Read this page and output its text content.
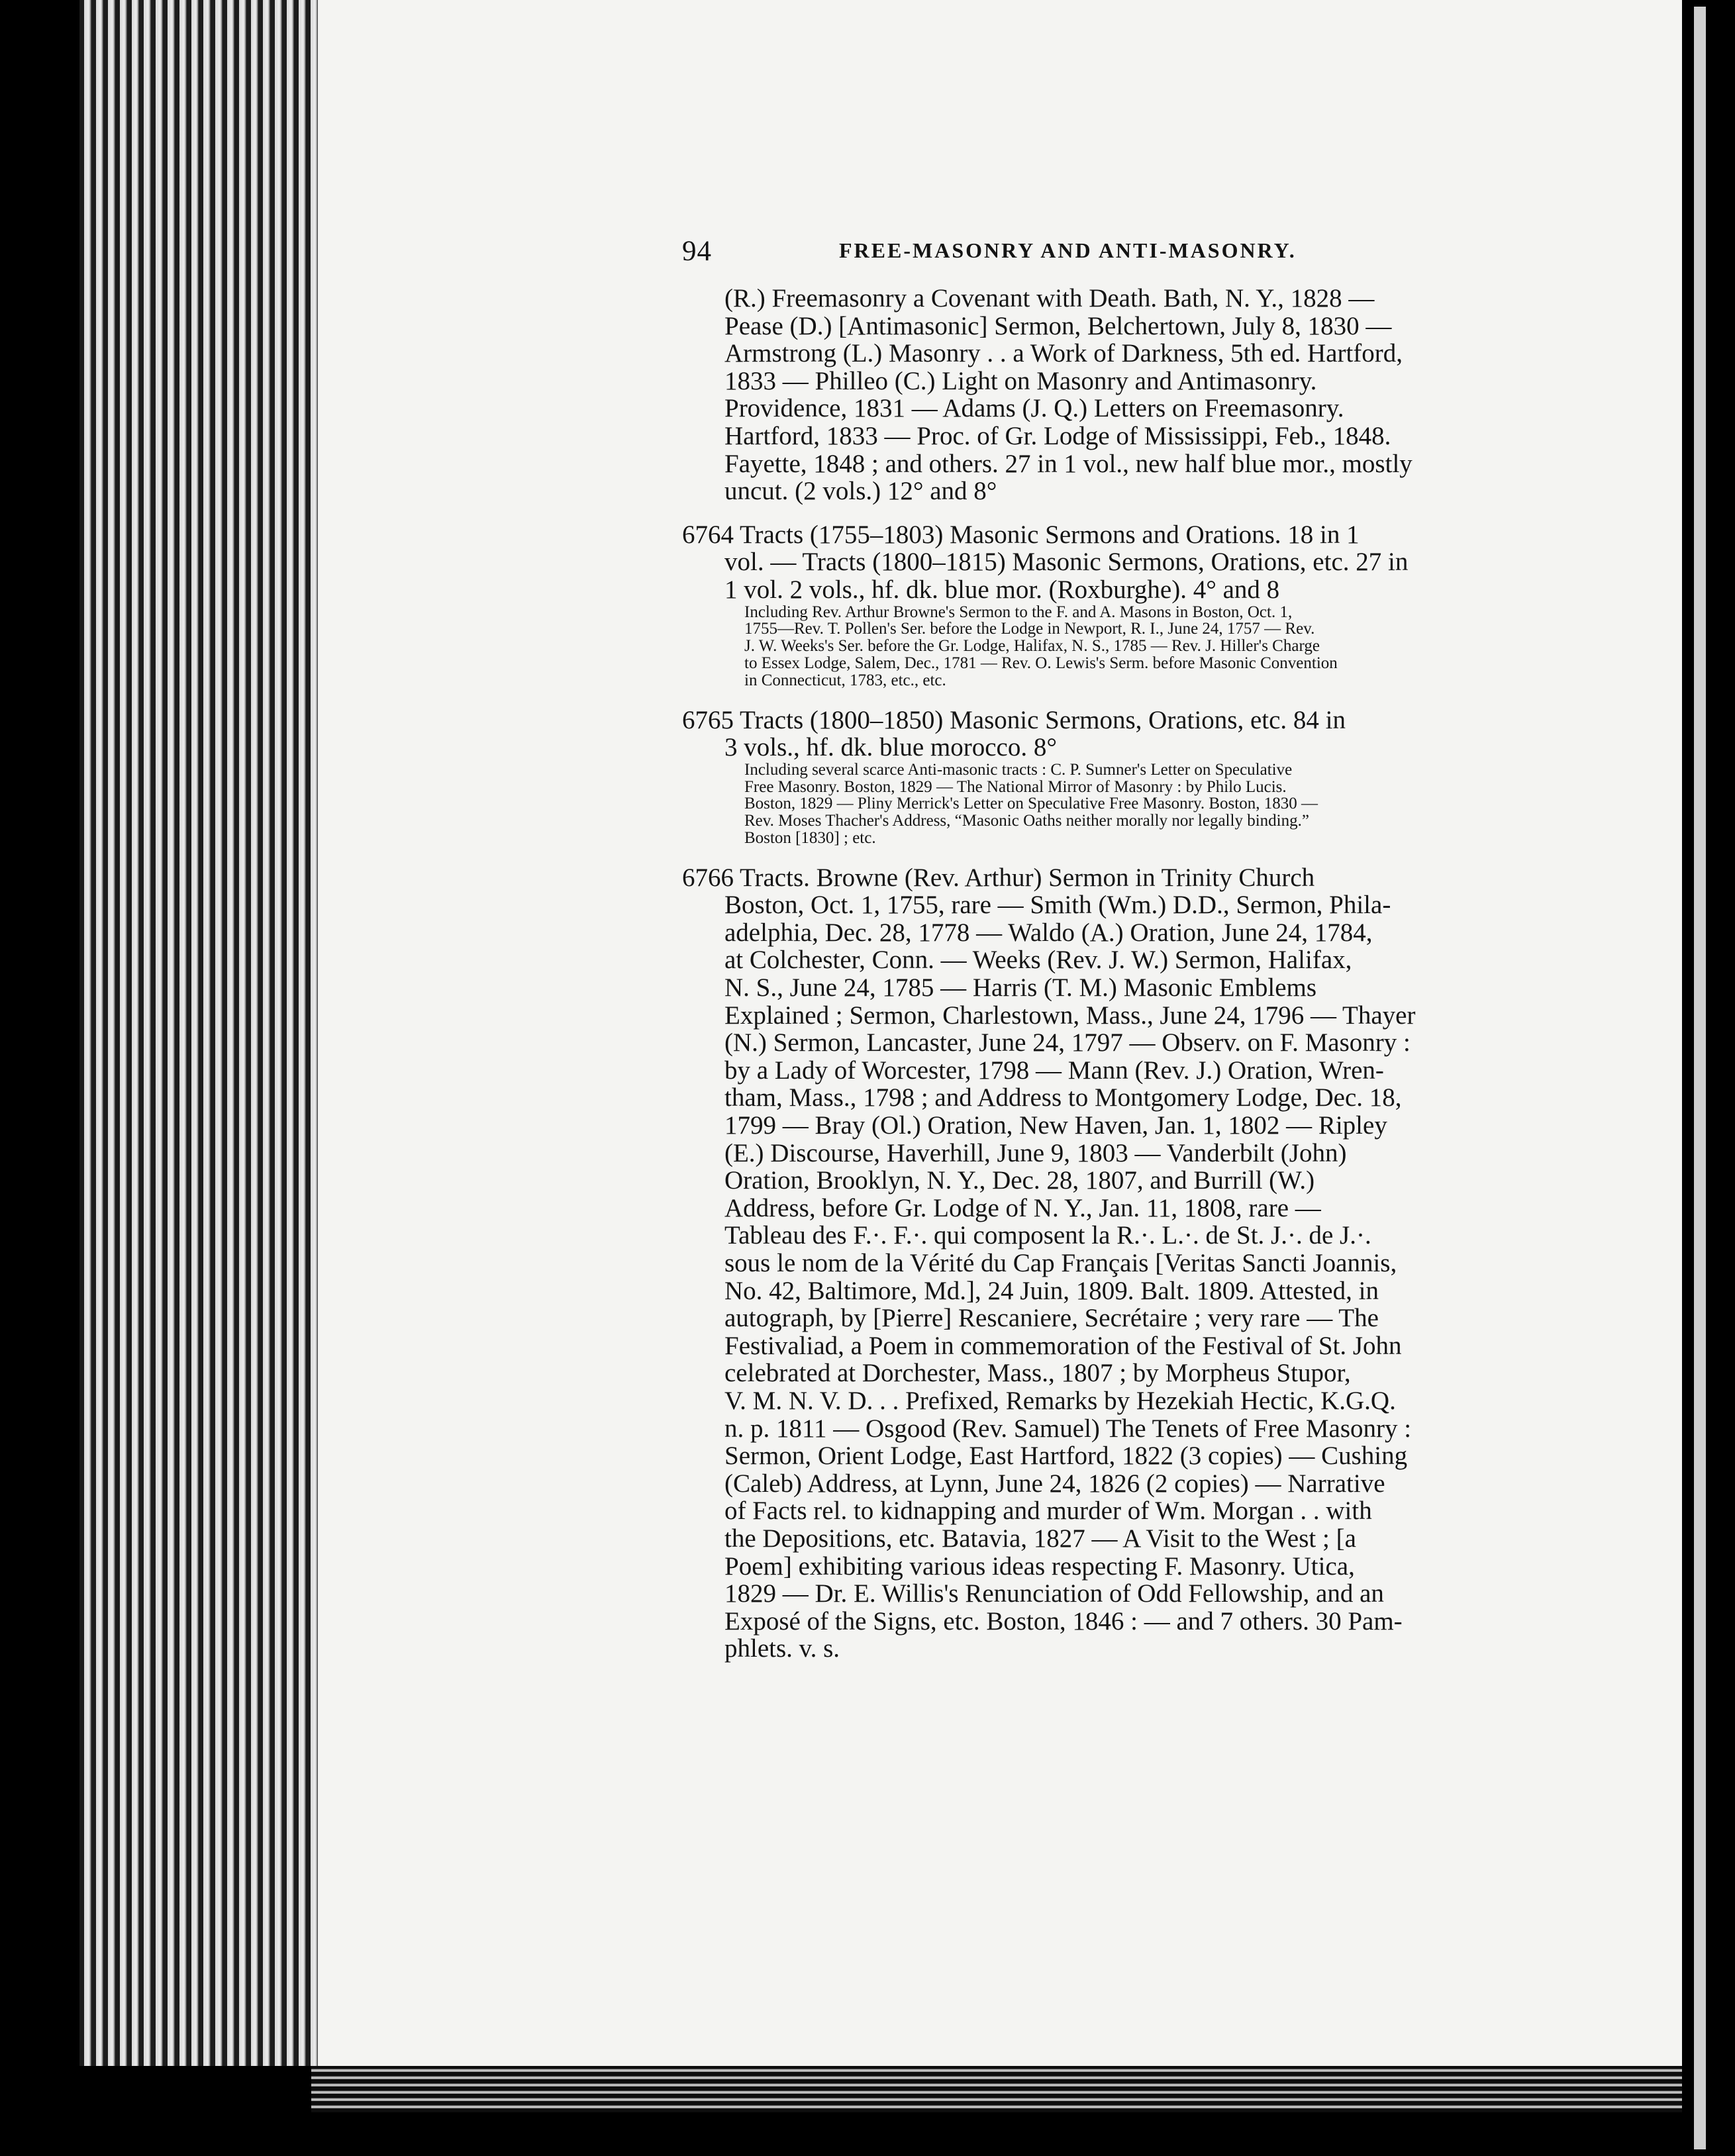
94	FREE-MASONRY AND ANTI-MASONRY.
(R.) Freemasonry a Covenant with Death. Bath, N. Y., 1828 —
Pease (D.) [Antimasonic] Sermon, Belchertown, July 8, 1830 —
Armstrong (L.) Masonry . . a Work of Darkness, 5th ed. Hartford,
1833 — Philleo (C.) Light on Masonry and Antimasonry.
Providence, 1831 — Adams (J. Q.) Letters on Freemasonry.
Hartford, 1833 — Proc. of Gr. Lodge of Mississippi, Feb., 1848.
Fayette, 1848 ; and others. 27 in 1 vol., new half blue mor., mostly
uncut. (2 vols.) 12° and 8°
6764 Tracts (1755–1803) Masonic Sermons and Orations. 18 in 1
vol. — Tracts (1800–1815) Masonic Sermons, Orations, etc. 27 in
1 vol. 2 vols., hf. dk. blue mor. (Roxburghe). 4° and 8
Including Rev. Arthur Browne's Sermon to the F. and A. Masons in Boston, Oct. 1,
1755—Rev. T. Pollen's Ser. before the Lodge in Newport, R. I., June 24, 1757 — Rev.
J. W. Weeks's Ser. before the Gr. Lodge, Halifax, N. S., 1785 — Rev. J. Hiller's Charge
to Essex Lodge, Salem, Dec., 1781 — Rev. O. Lewis's Serm. before Masonic Convention
in Connecticut, 1783, etc., etc.
6765 Tracts (1800–1850) Masonic Sermons, Orations, etc. 84 in
3 vols., hf. dk. blue morocco. 8°
Including several scarce Anti-masonic tracts : C. P. Sumner's Letter on Speculative
Free Masonry. Boston, 1829 — The National Mirror of Masonry : by Philo Lucis.
Boston, 1829 — Pliny Merrick's Letter on Speculative Free Masonry. Boston, 1830 —
Rev. Moses Thacher's Address, “Masonic Oaths neither morally nor legally binding.”
Boston [1830] ; etc.
6766 Tracts. Browne (Rev. Arthur) Sermon in Trinity Church
Boston, Oct. 1, 1755, rare — Smith (Wm.) D.D., Sermon, Phila-
adelphia, Dec. 28, 1778 — Waldo (A.) Oration, June 24, 1784,
at Colchester, Conn. — Weeks (Rev. J. W.) Sermon, Halifax,
N. S., June 24, 1785 — Harris (T. M.) Masonic Emblems
Explained ; Sermon, Charlestown, Mass., June 24, 1796 — Thayer
(N.) Sermon, Lancaster, June 24, 1797 — Observ. on F. Masonry :
by a Lady of Worcester, 1798 — Mann (Rev. J.) Oration, Wren-
tham, Mass., 1798 ; and Address to Montgomery Lodge, Dec. 18,
1799 — Bray (Ol.) Oration, New Haven, Jan. 1, 1802 — Ripley
(E.) Discourse, Haverhill, June 9, 1803 — Vanderbilt (John)
Oration, Brooklyn, N. Y., Dec. 28, 1807, and Burrill (W.)
Address, before Gr. Lodge of N. Y., Jan. 11, 1808, rare —
Tableau des F.·. F.·. qui composent la R.·. L.·. de St. J.·. de J.·.
sous le nom de la Vérité du Cap Français [Veritas Sancti Joannis,
No. 42, Baltimore, Md.], 24 Juin, 1809. Balt. 1809. Attested, in
autograph, by [Pierre] Rescaniere, Secrétaire ; very rare — The
Festivaliad, a Poem in commemoration of the Festival of St. John
celebrated at Dorchester, Mass., 1807 ; by Morpheus Stupor,
V. M. N. V. D. . . Prefixed, Remarks by Hezekiah Hectic, K.G.Q.
n. p. 1811 — Osgood (Rev. Samuel) The Tenets of Free Masonry :
Sermon, Orient Lodge, East Hartford, 1822 (3 copies) — Cushing
(Caleb) Address, at Lynn, June 24, 1826 (2 copies) — Narrative
of Facts rel. to kidnapping and murder of Wm. Morgan . . with
the Depositions, etc. Batavia, 1827 — A Visit to the West ; [a
Poem] exhibiting various ideas respecting F. Masonry. Utica,
1829 — Dr. E. Willis's Renunciation of Odd Fellowship, and an
Exposé of the Signs, etc. Boston, 1846 : — and 7 others. 30 Pam-
phlets. v. s.
